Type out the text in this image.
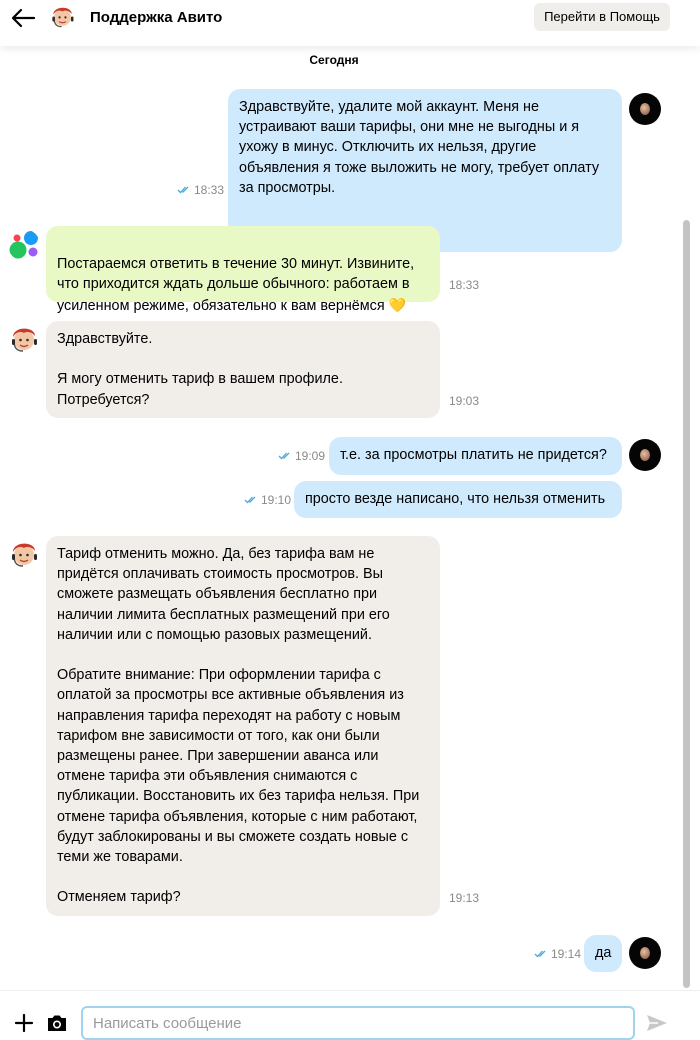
Поддержка Авито	Перейти в Помощь
Сегодня
18:33
Здравствуйте, удалите мой аккаунт. Меня не
устраивают ваши тарифы, они мне не выгодны и я
ухожу в минус. Отключить их нельзя, другие
объявления я тоже выложить не могу, требует оплату
за просмотры.

Постараемся ответить в течение 30 минут. Извините,
что приходится ждать дольше обычного: работаем в
усиленном режиме, обязательно к вам вернёмся 💛

18:33
Здравствуйте.

Я могу отменить тариф в вашем профиле.
Потребуется?	19:03
19:09	т.е. за просмотры платить не придется?
19:10 просто везде написано, что нельзя отменить
Тариф отменить можно. Да, без тарифа вам не
придётся оплачивать стоимость просмотров. Вы
сможете размещать объявления бесплатно при
наличии лимита бесплатных размещений при его
наличии или с помощью разовых размещений.

Обратите внимание: При оформлении тарифа с
оплатой за просмотры все активные объявления из
направления тарифа переходят на работу с новым
тарифом вне зависимости от того, как они были
размещены ранее. При завершении аванса или
отмене тарифа эти объявления снимаются с
публикации. Восстановить их без тарифа нельзя. При
отмене тарифа объявления, которые с ним работают,
будут заблокированы и вы сможете создать новые с
теми же товарами.

Отменяем тариф?	19:13
19:14 да
Написать сообщение
